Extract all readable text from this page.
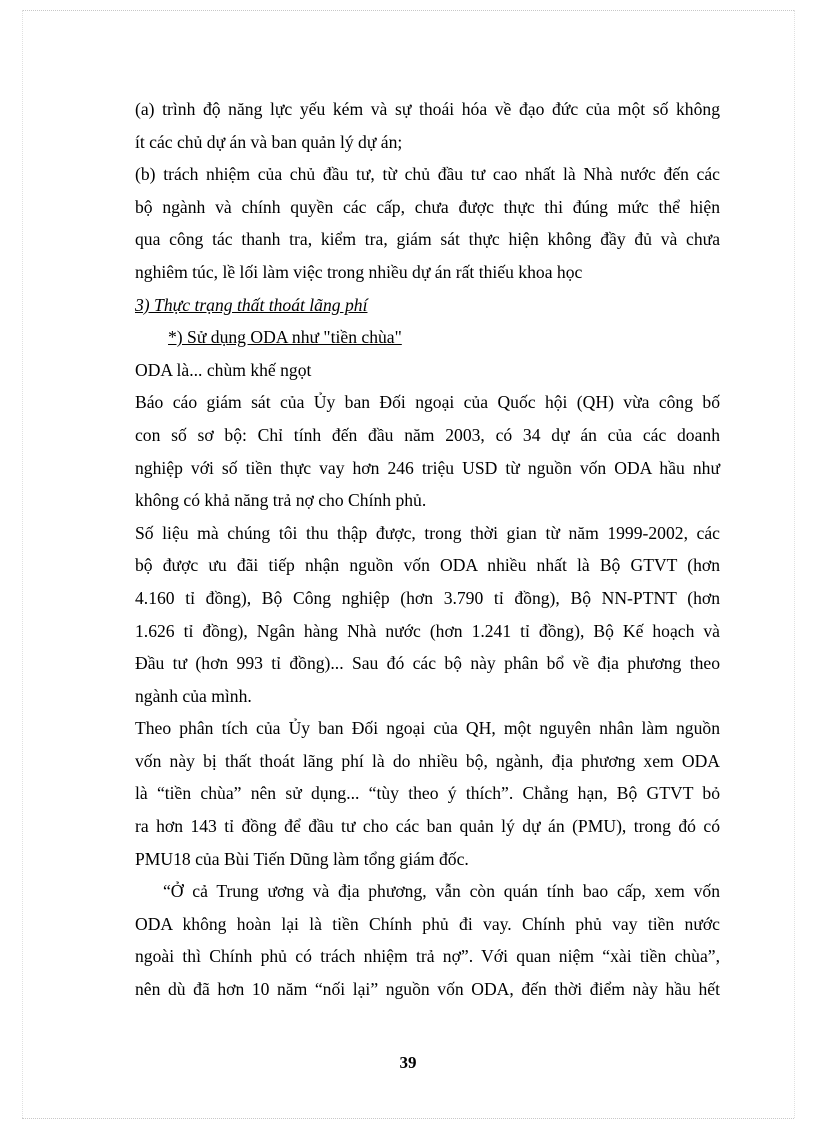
(a) trình độ năng lực yếu kém và sự thoái hóa về đạo đức của một số không
ít các chủ dự án và ban quản lý dự án;
(b) trách nhiệm của chủ đầu tư, từ chủ đầu tư cao nhất là Nhà nước đến các
bộ ngành và chính quyền các cấp, chưa được thực thi đúng mức thể hiện
qua công tác thanh tra, kiểm tra, giám sát thực hiện không đầy đủ và chưa
nghiêm túc, lề lối làm việc trong nhiều dự án rất thiếu khoa học
3) Thực trạng thất thoát lãng phí
*) Sử dụng ODA như "tiền chùa"
ODA là... chùm khế ngọt
Báo cáo giám sát của Ủy ban Đối ngoại của Quốc hội (QH) vừa công bố
con số sơ bộ: Chỉ tính đến đầu năm 2003, có 34 dự án của các doanh
nghiệp với số tiền thực vay hơn 246 triệu USD từ nguồn vốn ODA hầu như
không có khả năng trả nợ cho Chính phủ.
Số liệu mà chúng tôi thu thập được, trong thời gian từ năm 1999-2002, các
bộ được ưu đãi tiếp nhận nguồn vốn ODA nhiều nhất là Bộ GTVT (hơn
4.160 tỉ đồng), Bộ Công nghiệp (hơn 3.790 tỉ đồng), Bộ NN-PTNT (hơn
1.626 tỉ đồng), Ngân hàng Nhà nước (hơn 1.241 tỉ đồng), Bộ Kế hoạch và
Đầu tư (hơn 993 tỉ đồng)... Sau đó các bộ này phân bổ về địa phương theo
ngành của mình.
Theo phân tích của Ủy ban Đối ngoại của QH, một nguyên nhân làm nguồn
vốn này bị thất thoát lãng phí là do nhiều bộ, ngành, địa phương xem ODA
là “tiền chùa” nên sử dụng... “tùy theo ý thích”. Chẳng hạn, Bộ GTVT bỏ
ra hơn 143 tỉ đồng để đầu tư cho các ban quản lý dự án (PMU), trong đó có
PMU18 của Bùi Tiến Dũng làm tổng giám đốc.
“Ở cả Trung ương và địa phương, vẫn còn quán tính bao cấp, xem vốn
ODA không hoàn lại là tiền Chính phủ đi vay. Chính phủ vay tiền nước
ngoài thì Chính phủ có trách nhiệm trả nợ”. Với quan niệm “xài tiền chùa”,
nên dù đã hơn 10 năm “nối lại” nguồn vốn ODA, đến thời điểm này hầu hết
39
